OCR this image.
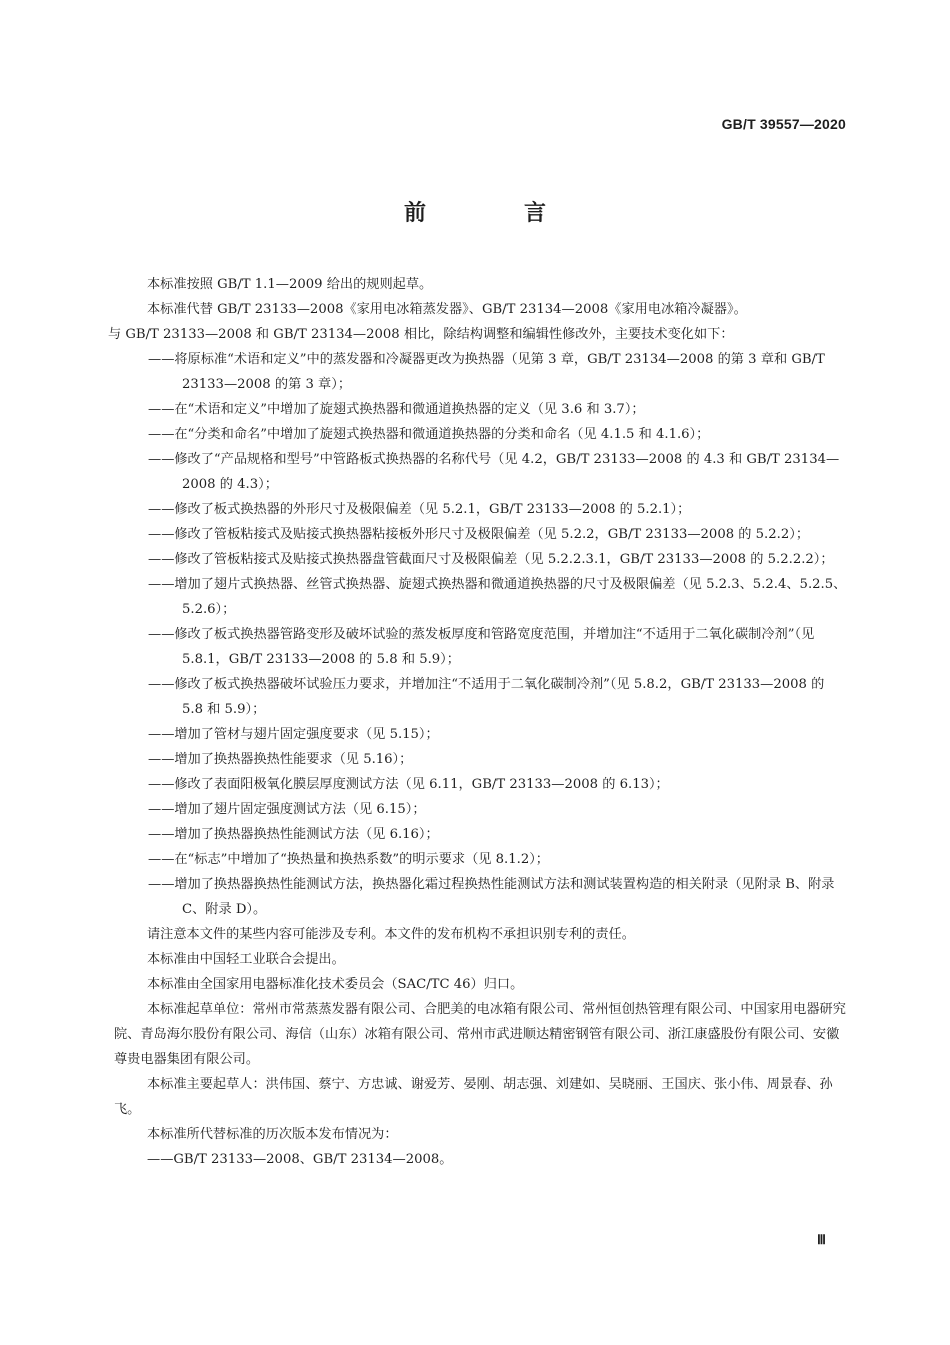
GB/T 39557—2020
前　言

本标准按照 GB/T 1.1—2009 给出的规则起草。

本标准代替 GB/T 23133—2008《家用电冰箱蒸发器》、GB/T 23134—2008《家用电冰箱冷凝器》。

与 GB/T 23133—2008 和 GB/T 23134—2008 相比，除结构调整和编辑性修改外，主要技术变化如下：

——将原标准“术语和定义”中的蒸发器和冷凝器更改为换热器（见第 3 章，GB/T 23134—2008 的第 3 章和 GB/T 23133—2008 的第 3 章）；

——在“术语和定义”中增加了旋翅式换热器和微通道换热器的定义（见 3.6 和 3.7）；

——在“分类和命名”中增加了旋翅式换热器和微通道换热器的分类和命名（见 4.1.5 和 4.1.6）；

——修改了“产品规格和型号”中管路板式换热器的名称代号（见 4.2，GB/T 23133—2008 的 4.3 和 GB/T 23134—2008 的 4.3）；

——修改了板式换热器的外形尺寸及极限偏差（见 5.2.1，GB/T 23133—2008 的 5.2.1）；

——修改了管板粘接式及贴接式换热器粘接板外形尺寸及极限偏差（见 5.2.2，GB/T 23133—2008 的 5.2.2）；

——修改了管板粘接式及贴接式换热器盘管截面尺寸及极限偏差（见 5.2.2.3.1，GB/T 23133—2008 的 5.2.2.2）；

——增加了翅片式换热器、丝管式换热器、旋翅式换热器和微通道换热器的尺寸及极限偏差（见 5.2.3、5.2.4、5.2.5、5.2.6）；

——修改了板式换热器管路变形及破坏试验的蒸发板厚度和管路宽度范围，并增加注“不适用于二氧化碳制冷剂”（见 5.8.1，GB/T 23133—2008 的 5.8 和 5.9）；

——修改了板式换热器破坏试验压力要求，并增加注“不适用于二氧化碳制冷剂”（见 5.8.2，GB/T 23133—2008 的 5.8 和 5.9）；

——增加了管材与翅片固定强度要求（见 5.15）；

——增加了换热器换热性能要求（见 5.16）；

——修改了表面阳极氧化膜层厚度测试方法（见 6.11，GB/T 23133—2008 的 6.13）；

——增加了翅片固定强度测试方法（见 6.15）；

——增加了换热器换热性能测试方法（见 6.16）；

——在“标志”中增加了“换热量和换热系数”的明示要求（见 8.1.2）；

——增加了换热器换热性能测试方法，换热器化霜过程换热性能测试方法和测试装置构造的相关附录（见附录 B、附录 C、附录 D）。

请注意本文件的某些内容可能涉及专利。本文件的发布机构不承担识别专利的责任。

本标准由中国轻工业联合会提出。

本标准由全国家用电器标准化技术委员会（SAC/TC 46）归口。

本标准起草单位：常州市常蒸蒸发器有限公司、合肥美的电冰箱有限公司、常州恒创热管理有限公司、中国家用电器研究院、青岛海尔股份有限公司、海信（山东）冰箱有限公司、常州市武进顺达精密钢管有限公司、浙江康盛股份有限公司、安徽尊贵电器集团有限公司。

本标准主要起草人：洪伟国、蔡宁、方忠诚、谢爱芳、晏刚、胡志强、刘建如、吴晓丽、王国庆、张小伟、周景春、孙飞。

本标准所代替标准的历次版本发布情况为：

——GB/T 23133—2008、GB/T 23134—2008。

Ⅲ
